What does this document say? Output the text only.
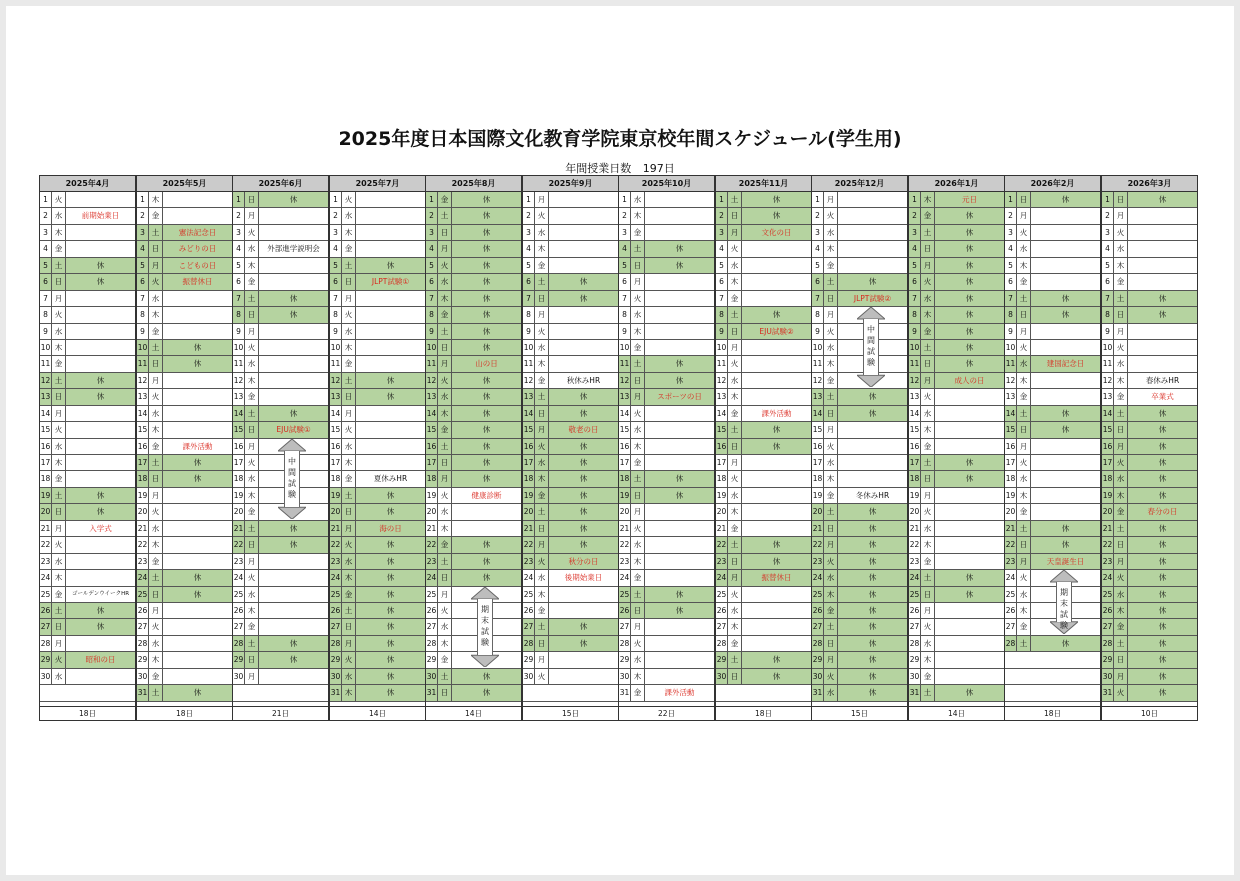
2025年度日本国際文化教育学院東京校年間スケジュール(学生用)
年間授業日数 197日
2025年4月
1 火
2 水	前期始業日
3 木
4 金
5 土	休
6 日	休
7 月
8 火
9 水
10 木
11 金
12 土	休
13 日	休
14 月
15 火
16 水
17 木
18 金
19 土	休
20 日	休
21 月	入学式
22 火
23 水
24 木
25 金	ゴールデンウイークHR
26 土	休
27 日	休
28 月
29 火	昭和の日
30 水
18日
2025年5月
1 木
2 金
3 土	憲法記念日
4 日	みどりの日
5 月	こどもの日
6 火	振替休日
7 水
8 木
9 金
10 土	休
11 日	休
12 月
13 火
14 水
15 木
16 金	課外活動
17 土	休
18 日	休
19 月
20 火
21 水
22 木
23 金
24 土	休
25 日	休
26 月
27 火
28 水
29 木
30 金
31 土	休
18日
2025年6月
1 日	休
2 月
3 火
4 水	外部進学説明会
5 木
6 金
7 土	休
8 日	休
9 月
10 火
11 水
12 木
13 金
14 土	休
15 日	EJU試験①
16 月
17 火
18 水
19 木
20 金
21 土	休
22 日	休
23 月
24 火
25 水
26 木
27 金
28 土	休
29 日	休
30 月
21日
2025年7月
1 火
2 水
3 木
4 金
5 土	休
6 日	JLPT試験①
7 月
8 火
9 水
10 木
11 金
12 土	休
13 日	休
14 月
15 火
16 水
17 木
18 金	夏休みHR
19 土	休
20 日	休
21 月	海の日
22 火	休
23 水	休
24 木	休
25 金	休
26 土	休
27 日	休
28 月	休
29 火	休
30 水	休
31 木	休
14日
2025年8月
1 金	休
2 土	休
3 日	休
4 月	休
5 火	休
6 水	休
7 木	休
8 金	休
9 土	休
10 日	休
11 月	山の日
12 火	休
13 水	休
14 木	休
15 金	休
16 土	休
17 日	休
18 月	休
19 火	健康診断
20 水
21 木
22 金	休
23 土	休
24 日	休
25 月
26 火
27 水
28 木
29 金
30 土	休
31 日	休
14日
2025年9月
1 月
2 火
3 水
4 木
5 金
6 土	休
7 日	休
8 月
9 火
10 水
11 木
12 金	秋休みHR
13 土	休
14 日	休
15 月	敬老の日
16 火	休
17 水	休
18 木	休
19 金	休
20 土	休
21 日	休
22 月	休
23 火	秋分の日
24 水	後期始業日
25 木
26 金
27 土	休
28 日	休
29 月
30 火
15日
2025年10月
1 水
2 木
3 金
4 土	休
5 日	休
6 月
7 火
8 水
9 木
10 金
11 土	休
12 日	休
13 月	スポーツの日
14 火
15 水
16 木
17 金
18 土	休
19 日	休
20 月
21 火
22 水
23 木
24 金
25 土	休
26 日	休
27 月
28 火
29 水
30 木
31 金	課外活動
22日
2025年11月
1 土	休
2 日	休
3 月	文化の日
4 火
5 水
6 木
7 金
8 土	休
9 日	EJU試験②
10 月
11 火
12 水
13 木
14 金	課外活動
15 土	休
16 日	休
17 月
18 火
19 水
20 木
21 金
22 土	休
23 日	休
24 月	振替休日
25 火
26 水
27 木
28 金
29 土	休
30 日	休
18日
2025年12月
1 月
2 火
3 水
4 木
5 金
6 土	休
7 日	JLPT試験②
8 月
9 火
10 水
11 木
12 金
13 土	休
14 日	休
15 月
16 火
17 水
18 木
19 金	冬休みHR
20 土	休
21 日	休
22 月	休
23 火	休
24 水	休
25 木	休
26 金	休
27 土	休
28 日	休
29 月	休
30 火	休
31 水	休
15日
2026年1月
1 木	元日
2 金	休
3 土	休
4 日	休
5 月	休
6 火	休
7 水	休
8 木	休
9 金	休
10 土	休
11 日	休
12 月	成人の日
13 火
14 水
15 木
16 金
17 土	休
18 日	休
19 月
20 火
21 水
22 木
23 金
24 土	休
25 日	休
26 月
27 火
28 水
29 木
30 金
31 土	休
14日
2026年2月
1 日	休
2 月
3 火
4 水
5 木
6 金
7 土	休
8 日	休
9 月
10 火
11 水	建国記念日
12 木
13 金
14 土	休
15 日	休
16 月
17 火
18 水
19 木
20 金
21 土	休
22 日	休
23 月	天皇誕生日
24 火
25 水
26 木
27 金
28 土	休
18日
2026年3月
1 日	休
2 月
3 火
4 水
5 木
6 金
7 土	休
8 日	休
9 月
10 火
11 水
12 木	春休みHR
13 金	卒業式
14 土	休
15 日	休
16 月	休
17 火	休
18 水	休
19 木	休
20 金	春分の日
21 土	休
22 日	休
23 月	休
24 火	休
25 水	休
26 木	休
27 金	休
28 土	休
29 日	休
30 月	休
31 火	休
10日
中
間
試
験
期
末
試
験
中
間
試
験
期
末
試
験
